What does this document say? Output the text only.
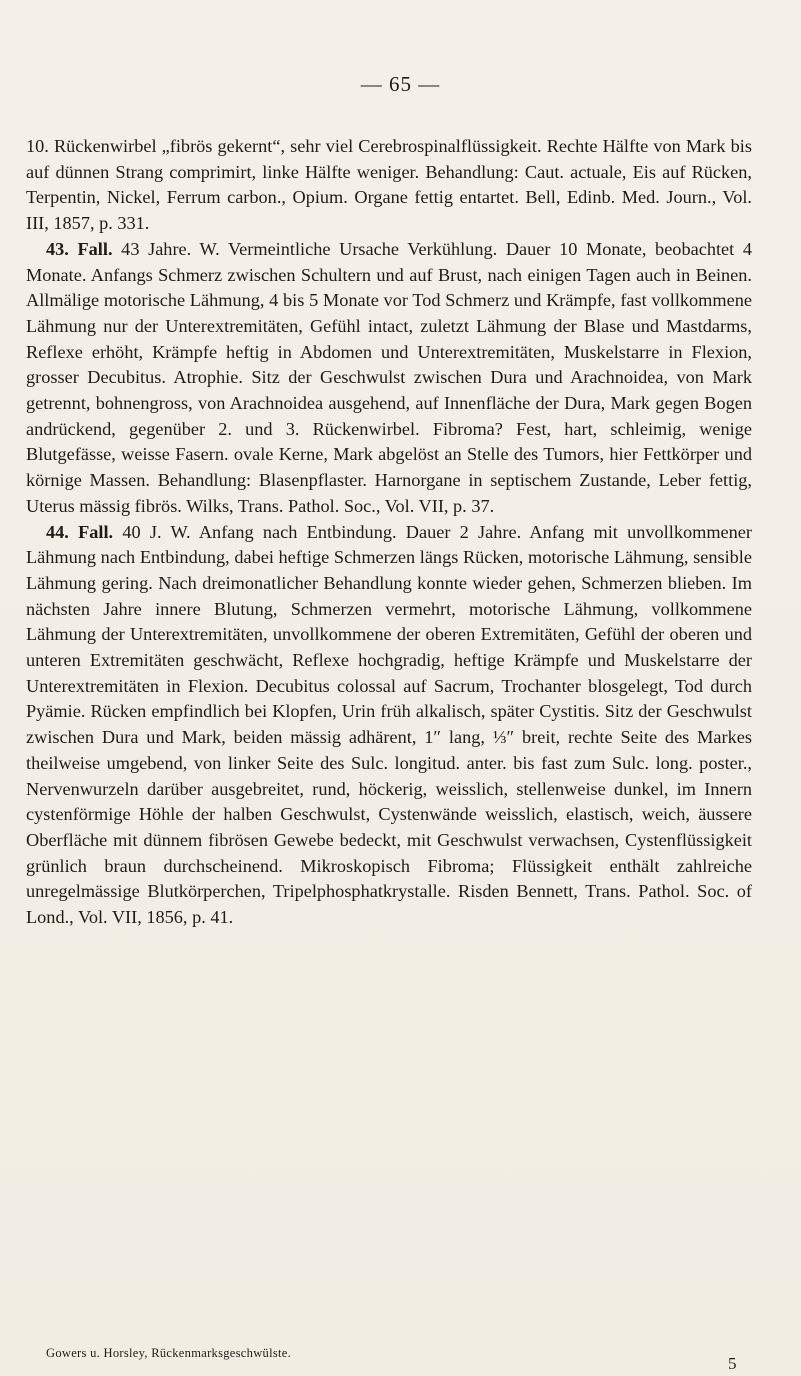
— 65 —

10. Rückenwirbel „fibrös gekernt“, sehr viel Cerebrospinalflüssigkeit. Rechte Hälfte von Mark bis auf dünnen Strang comprimirt, linke Hälfte weniger. Behandlung: Caut. actuale, Eis auf Rücken, Terpentin, Nickel, Ferrum carbon., Opium. Organe fettig entartet. Bell, Edinb. Med. Journ., Vol. III, 1857, p. 331.

43. Fall. 43 Jahre. W. Vermeintliche Ursache Verkühlung. Dauer 10 Monate, beobachtet 4 Monate. Anfangs Schmerz zwischen Schultern und auf Brust, nach einigen Tagen auch in Beinen. Allmälige motorische Lähmung, 4 bis 5 Monate vor Tod Schmerz und Krämpfe, fast vollkommene Lähmung nur der Unterextremitäten, Gefühl intact, zuletzt Lähmung der Blase und Mastdarms, Reflexe erhöht, Krämpfe heftig in Abdomen und Unterextremitäten, Muskelstarre in Flexion, grosser Decubitus. Atrophie. Sitz der Geschwulst zwischen Dura und Arachnoidea, von Mark getrennt, bohnengross, von Arachnoidea ausgehend, auf Innenfläche der Dura, Mark gegen Bogen andrückend, gegenüber 2. und 3. Rückenwirbel. Fibroma? Fest, hart, schleimig, wenige Blutgefässe, weisse Fasern. ovale Kerne, Mark abgelöst an Stelle des Tumors, hier Fettkörper und körnige Massen. Behandlung: Blasenpflaster. Harnorgane in septischem Zustande, Leber fettig, Uterus mässig fibrös. Wilks, Trans. Pathol. Soc., Vol. VII, p. 37.

44. Fall. 40 J. W. Anfang nach Entbindung. Dauer 2 Jahre. Anfang mit unvollkommener Lähmung nach Entbindung, dabei heftige Schmerzen längs Rücken, motorische Lähmung, sensible Lähmung gering. Nach dreimonatlicher Behandlung konnte wieder gehen, Schmerzen blieben. Im nächsten Jahre innere Blutung, Schmerzen vermehrt, motorische Lähmung, vollkommene Lähmung der Unterextremitäten, unvollkommene der oberen Extremitäten, Gefühl der oberen und unteren Extremitäten geschwächt, Reflexe hochgradig, heftige Krämpfe und Muskelstarre der Unterextremitäten in Flexion. Decubitus colossal auf Sacrum, Trochanter blosgelegt, Tod durch Pyämie. Rücken empfindlich bei Klopfen, Urin früh alkalisch, später Cystitis. Sitz der Geschwulst zwischen Dura und Mark, beiden mässig adhärent, 1″ lang, ⅓″ breit, rechte Seite des Markes theilweise umgebend, von linker Seite des Sulc. longitud. anter. bis fast zum Sulc. long. poster., Nervenwurzeln darüber ausgebreitet, rund, höckerig, weisslich, stellenweise dunkel, im Innern cystenförmige Höhle der halben Geschwulst, Cystenwände weisslich, elastisch, weich, äussere Oberfläche mit dünnem fibrösen Gewebe bedeckt, mit Geschwulst verwachsen, Cystenflüssigkeit grünlich braun durchscheinend. Mikroskopisch Fibroma; Flüssigkeit enthält zahlreiche unregelmässige Blutkörperchen, Tripelphosphatkrystalle. Risden Bennett, Trans. Pathol. Soc. of Lond., Vol. VII, 1856, p. 41.

Gowers u. Horsley, Rückenmarksgeschwülste.
5
